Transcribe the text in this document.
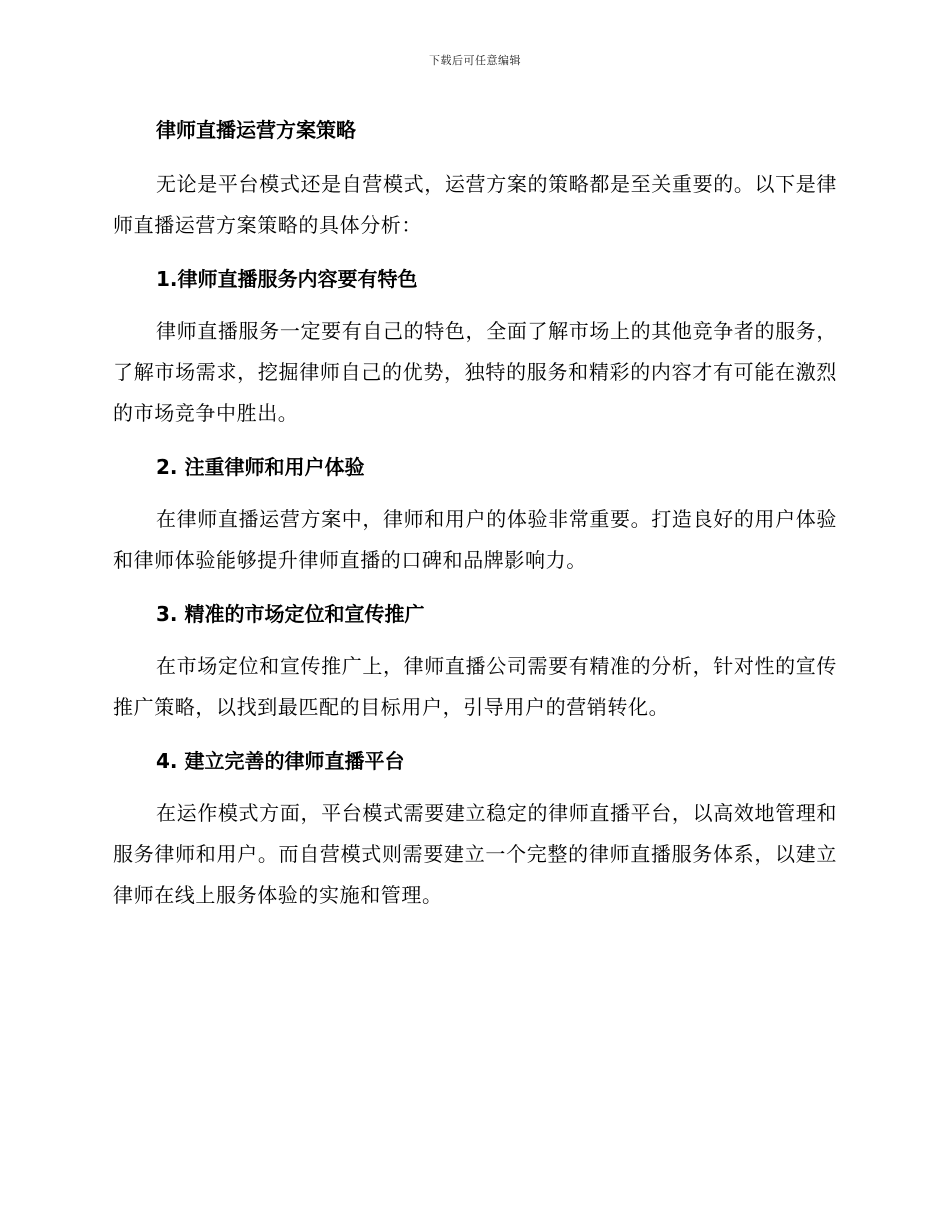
下载后可任意编辑
律师直播运营方案策略

无论是平台模式还是自营模式，运营方案的策略都是至关重要的。以下是律师直播运营方案策略的具体分析：

1.律师直播服务内容要有特色

律师直播服务一定要有自己的特色，全面了解市场上的其他竞争者的服务，了解市场需求，挖掘律师自己的优势，独特的服务和精彩的内容才有可能在激烈的市场竞争中胜出。

2. 注重律师和用户体验

在律师直播运营方案中，律师和用户的体验非常重要。打造良好的用户体验和律师体验能够提升律师直播的口碑和品牌影响力。

3. 精准的市场定位和宣传推广

在市场定位和宣传推广上，律师直播公司需要有精准的分析，针对性的宣传推广策略，以找到最匹配的目标用户，引导用户的营销转化。

4. 建立完善的律师直播平台

在运作模式方面，平台模式需要建立稳定的律师直播平台，以高效地管理和服务律师和用户。而自营模式则需要建立一个完整的律师直播服务体系，以建立律师在线上服务体验的实施和管理。
